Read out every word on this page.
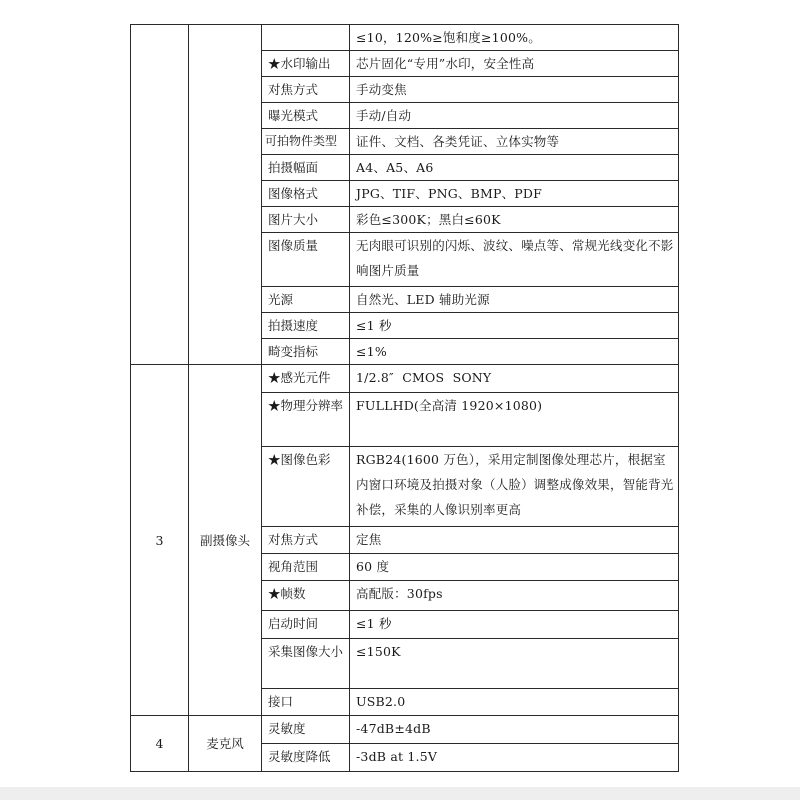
			≤10，120%≥饱和度≥100%。
		★水印输出	芯片固化“专用”水印，安全性高
		对焦方式	手动变焦
		曝光模式	手动/自动
		可拍物件类型	证件、文档、各类凭证、立体实物等
		拍摄幅面	A4、A5、A6
		图像格式	JPG、TIF、PNG、BMP、PDF
		图片大小	彩色≤300K；黑白≤60K
		图像质量	无肉眼可识别的闪烁、波纹、噪点等、常规光线变化不影响图片质量
		光源	自然光、LED 辅助光源
		拍摄速度	≤1 秒
		畸变指标	≤1%
3	副摄像头	★感光元件	1/2.8″  CMOS  SONY
		★物理分辨率	FULLHD(全高清 1920×1080)
		★图像色彩	RGB24(1600 万色），采用定制图像处理芯片，根据室内窗口环境及拍摄对象（人脸）调整成像效果，智能背光补偿，采集的人像识别率更高
		对焦方式	定焦
		视角范围	60 度
		★帧数	高配版：30fps
		启动时间	≤1 秒
		采集图像大小	≤150K
		接口	USB2.0
4	麦克风	灵敏度	-47dB±4dB
		灵敏度降低	-3dB at 1.5V
